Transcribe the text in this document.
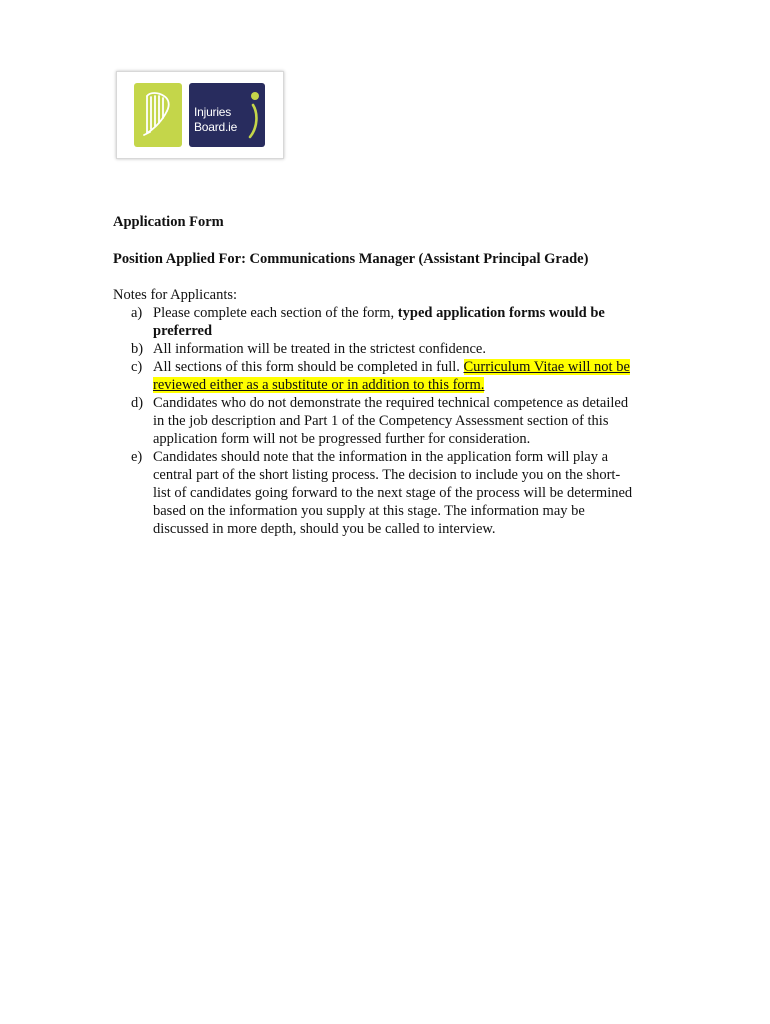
Injuries
Board.ie
Application Form
Position Applied For: Communications Manager (Assistant Principal Grade)
Notes for Applicants:
a) Please complete each section of the form, typed application forms would be
preferred
b) All information will be treated in the strictest confidence.
c) All sections of this form should be completed in full. Curriculum Vitae will not be
reviewed either as a substitute or in addition to this form.
d) Candidates who do not demonstrate the required technical competence as detailed
in the job description and Part 1 of the Competency Assessment section of this
application form will not be progressed further for consideration.
e) Candidates should note that the information in the application form will play a
central part of the short listing process. The decision to include you on the short-
list of candidates going forward to the next stage of the process will be determined
based on the information you supply at this stage. The information may be
discussed in more depth, should you be called to interview.
